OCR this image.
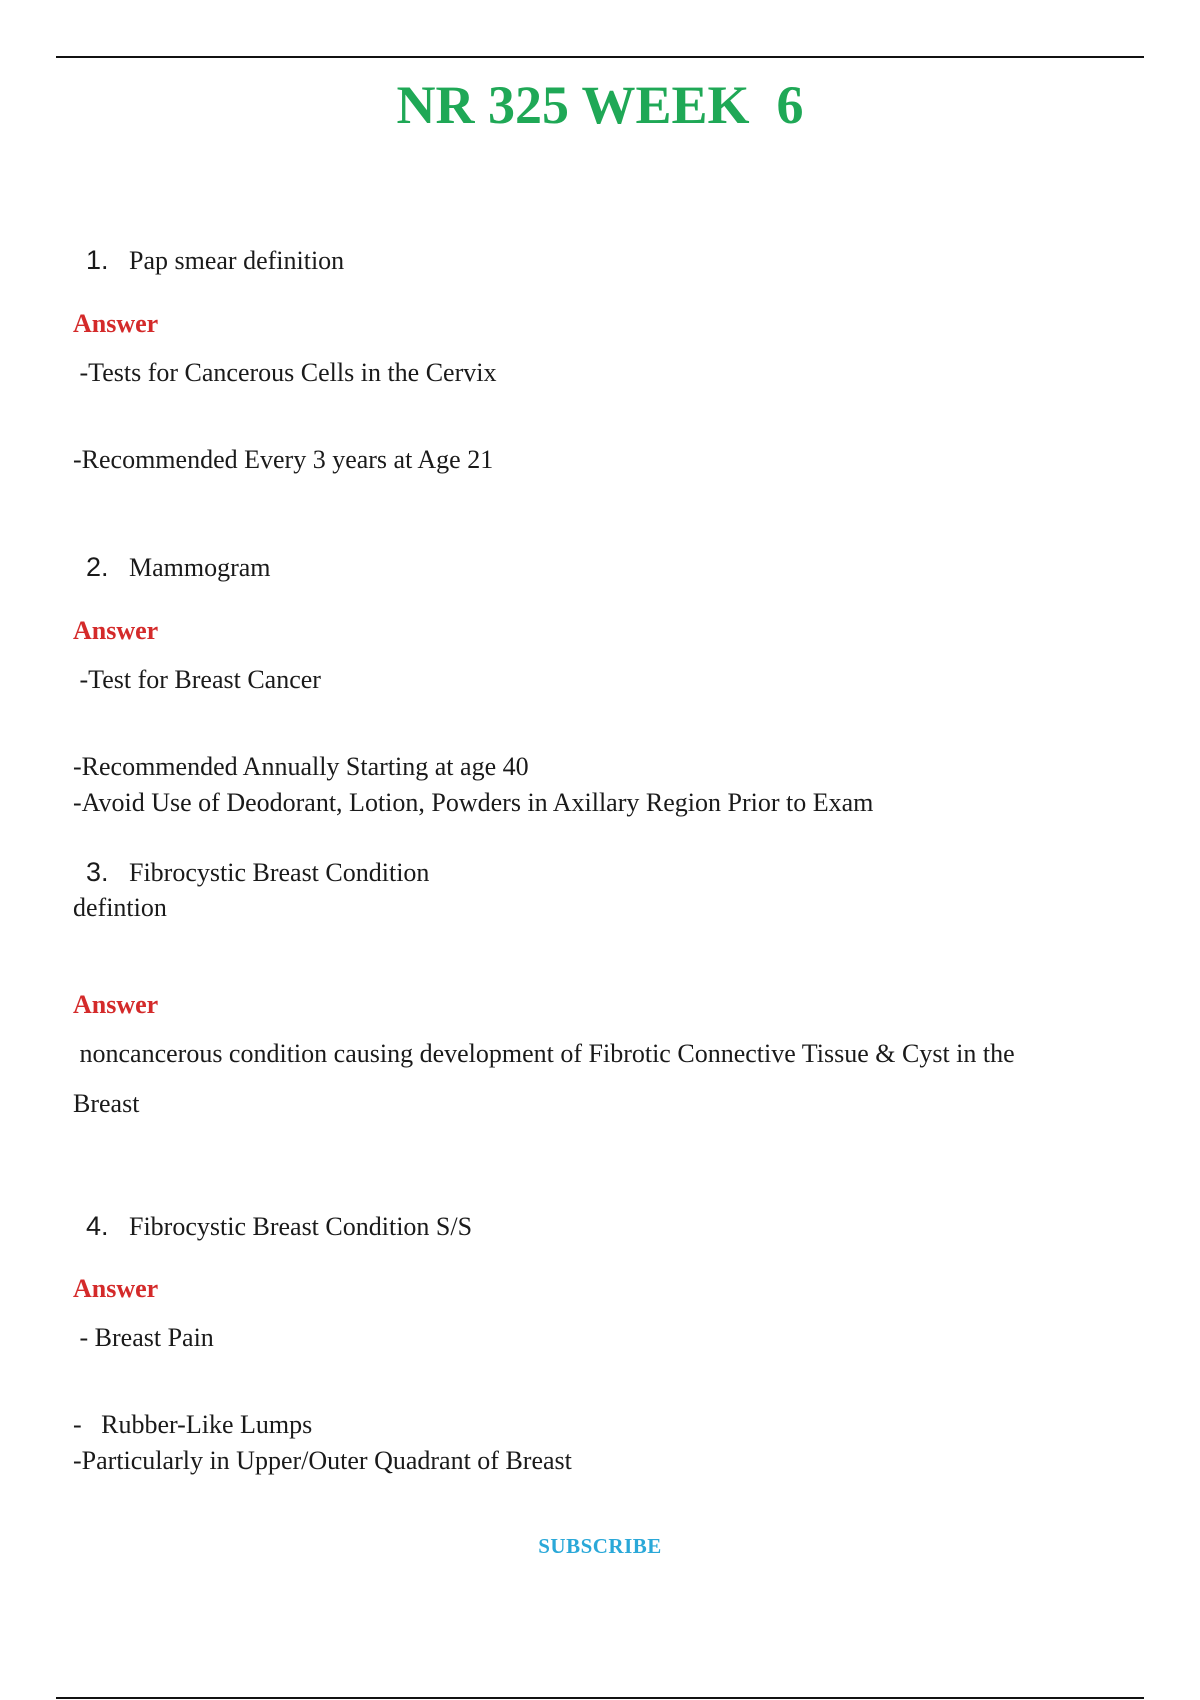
NR 325 WEEK  6

1. Pap smear definition

Answer
-Tests for Cancerous Cells in the Cervix
-Recommended Every 3 years at Age 21

2. Mammogram

Answer
-Test for Breast Cancer
-Recommended Annually Starting at age 40
-Avoid Use of Deodorant, Lotion, Powders in Axillary Region Prior to Exam

3. Fibrocystic Breast Condition

defintion
Answer
noncancerous condition causing development of Fibrotic Connective Tissue & Cyst in the
Breast

4. Fibrocystic Breast Condition S/S

Answer
- Breast Pain
-   Rubber-Like Lumps
-Particularly in Upper/Outer Quadrant of Breast
SUBSCRIBE
